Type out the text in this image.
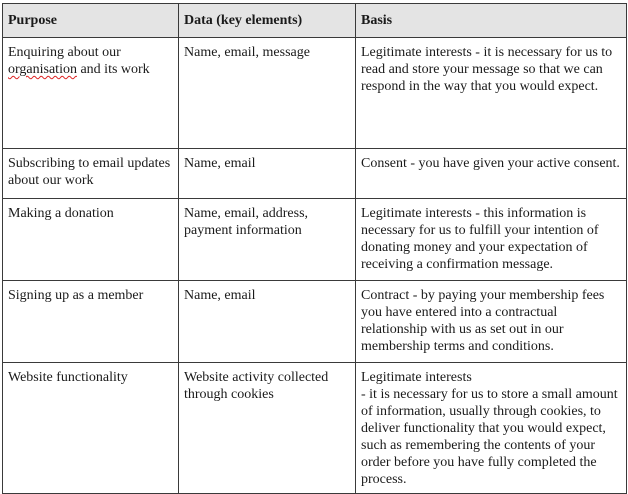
Purpose	Data (key elements)	Basis
Enquiring about our organisation and its work	Name, email, message	Legitimate interests - it is necessary for us to read and store your message so that we can respond in the way that you would expect.
Subscribing to email updates about our work	Name, email	Consent - you have given your active consent.
Making a donation	Name, email, address, payment information	Legitimate interests - this information is necessary for us to fulfill your intention of donating money and your expectation of receiving a confirmation message.
Signing up as a member	Name, email	Contract - by paying your membership fees you have entered into a contractual relationship with us as set out in our membership terms and conditions.
Website functionality	Website activity collected through cookies	Legitimate interests
- it is necessary for us to store a small amount of information, usually through cookies, to deliver functionality that you would expect, such as remembering the contents of your order before you have fully completed the process.
